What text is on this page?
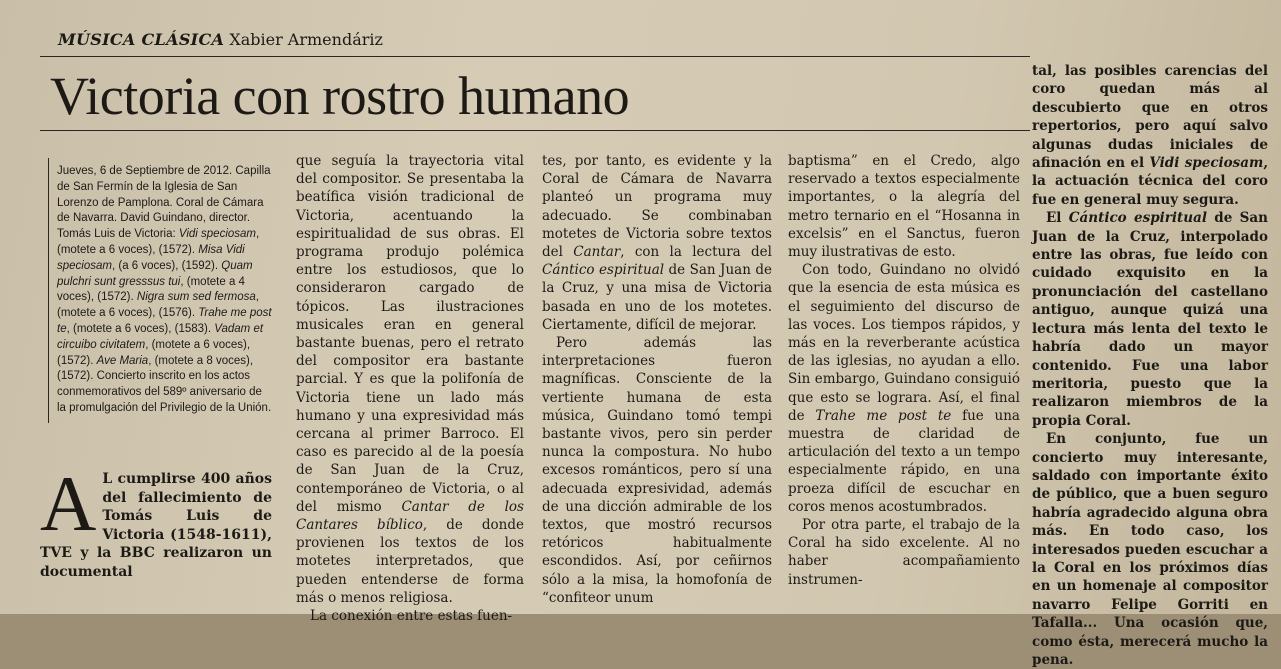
MÚSICA CLÁSICA Xabier Armendáriz
Victoria con rostro humano
Jueves, 6 de Septiembre de 2012. Capilla de San Fermín de la Iglesia de San Lorenzo de Pamplona. Coral de Cámara de Navarra. David Guindano, director. Tomás Luis de Victoria: Vidi speciosam, (motete a 6 voces), (1572). Misa Vidi speciosam, (a 6 voces), (1592). Quam pulchri sunt gresssus tui, (motete a 4 voces), (1572). Nigra sum sed fermosa, (motete a 6 voces), (1576). Trahe me post te, (motete a 6 voces), (1583). Vadam et circuibo civitatem, (motete a 6 voces), (1572). Ave Maria, (motete a 8 voces), (1572). Concierto inscrito en los actos conmemorativos del 589º aniversario de la promulgación del Privilegio de la Unión.
A L cumplirse 400 años del fallecimiento de Tomás Luis de Victoria (1548-1611), TVE y la BBC realizaron un documental

que seguía la trayectoria vital del compositor. Se presentaba la beatífica visión tradicional de Victoria, acentuando la espiritualidad de sus obras. El programa produjo polémica entre los estudiosos, que lo consideraron cargado de tópicos. Las ilustraciones musicales eran en general bastante buenas, pero el retrato del compositor era bastante parcial. Y es que la polifonía de Victoria tiene un lado más humano y una expresividad más cercana al primer Barroco. El caso es parecido al de la poesía de San Juan de la Cruz, contemporáneo de Victoria, o al del mismo Cantar de los Cantares bíblico, de donde provienen los textos de los motetes interpretados, que pueden entenderse de forma más o menos religiosa.

La conexión entre estas fuen-

tes, por tanto, es evidente y la Coral de Cámara de Navarra planteó un programa muy adecuado. Se combinaban motetes de Victoria sobre textos del Cantar, con la lectura del Cántico espiritual de San Juan de la Cruz, y una misa de Victoria basada en uno de los motetes. Ciertamente, difícil de mejorar.

Pero además las interpretaciones fueron magníficas. Consciente de la vertiente humana de esta música, Guindano tomó tempi bastante vivos, pero sin perder nunca la compostura. No hubo excesos románticos, pero sí una adecuada expresividad, además de una dicción admirable de los textos, que mostró recursos retóricos habitualmente escondidos. Así, por ceñirnos sólo a la misa, la homofonía de “confiteor unum

baptisma” en el Credo, algo reservado a textos especialmente importantes, o la alegría del metro ternario en el “Hosanna in excelsis” en el Sanctus, fueron muy ilustrativas de esto.

Con todo, Guindano no olvidó que la esencia de esta música es el seguimiento del discurso de las voces. Los tiempos rápidos, y más en la reverberante acústica de las iglesias, no ayudan a ello. Sin embargo, Guindano consiguió que esto se lograra. Así, el final de Trahe me post te fue una muestra de claridad de articulación del texto a un tempo especialmente rápido, en una proeza difícil de escuchar en coros menos acostumbrados.

Por otra parte, el trabajo de la Coral ha sido excelente. Al no haber acompañamiento instrumen-

tal, las posibles carencias del coro quedan más al descubierto que en otros repertorios, pero aquí salvo algunas dudas iniciales de afinación en el Vidi speciosam, la actuación técnica del coro fue en general muy segura.

El Cántico espiritual de San Juan de la Cruz, interpolado entre las obras, fue leído con cuidado exquisito en la pronunciación del castellano antiguo, aunque quizá una lectura más lenta del texto le habría dado un mayor contenido. Fue una labor meritoria, puesto que la realizaron miembros de la propia Coral.

En conjunto, fue un concierto muy interesante, saldado con importante éxito de público, que a buen seguro habría agradecido alguna obra más. En todo caso, los interesados pueden escuchar a la Coral en los próximos días en un homenaje al compositor navarro Felipe Gorriti en Tafalla... Una ocasión que, como ésta, merecerá mucho la pena.
